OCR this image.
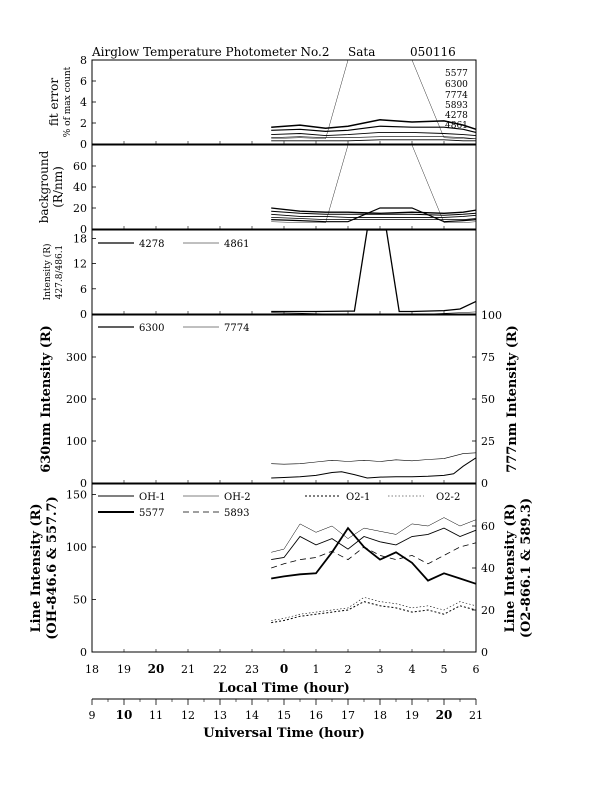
Airglow Temperature Photometer No.2 Sata	050116
fit error % of max count
background (R/nm)
Intensity (R) 427.8/486.1
630nm Intensity (R)	777nm Intensity (R)
Line Intensity (R) (OH-846.6 & 557.7)	Line Intensity (R) (O2-866.1 & 589.3)
5577
6300
7774
5893
4278
4861
4278	4861
6300	7774
OH-1	OH-2	O2-1	O2-2
5577	5893
Local Time (hour)
Universal Time (hour)
0
2
4
6
8
0
20
40
60
0
6
12
18
0
100
200
300
0
25
50
75
100
0
50
100
150
0
20
40
60
18 19 20 21 22 23 0 1 2 3 4 5 6
9 10 11 12 13 14 15 16 17 18 19 20 21
